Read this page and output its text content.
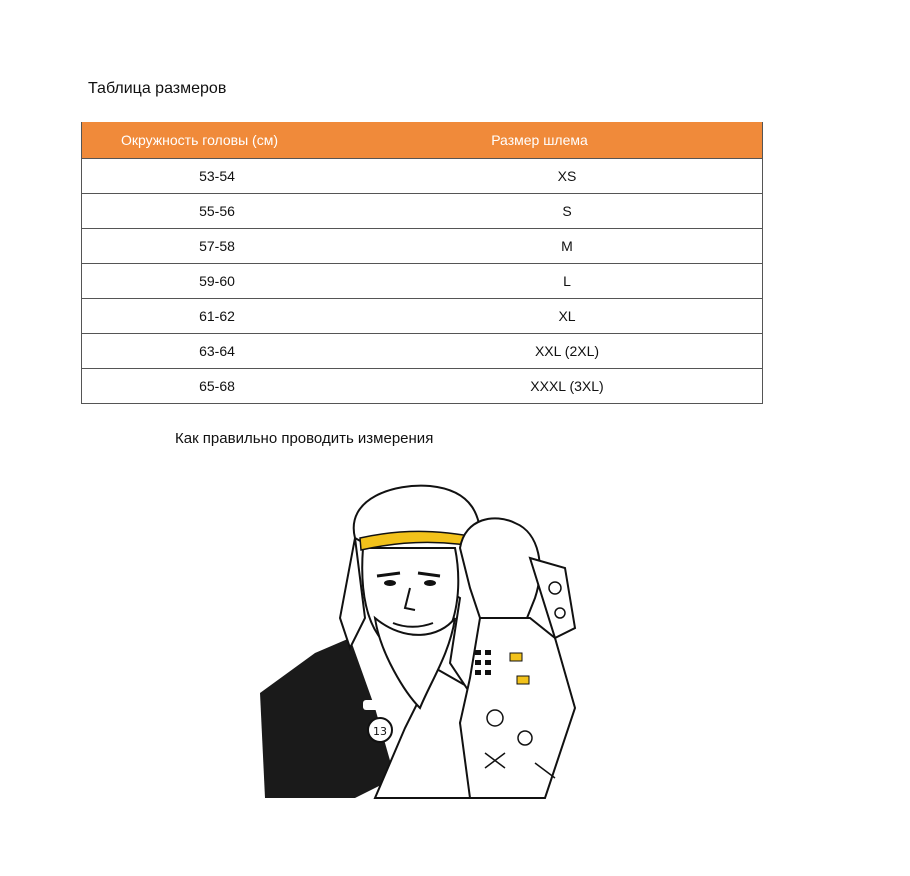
Таблица размеров
Окружность головы (см)	Размер шлема
53-54	XS
55-56	S
57-58	M
59-60	L
61-62	XL
63-64	XXL (2XL)
65-68	XXXL (3XL)
Как правильно проводить измерения
13
